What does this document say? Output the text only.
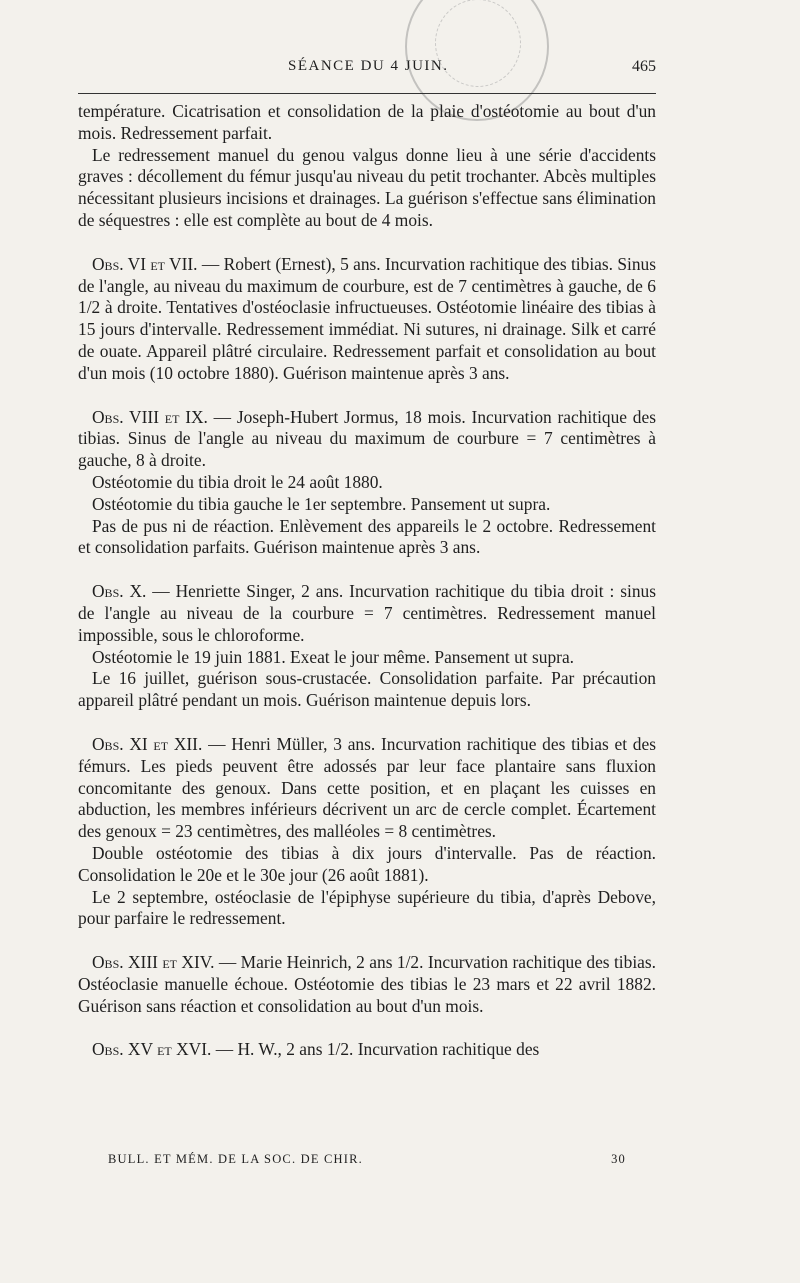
SÉANCE DU 4 JUIN.	465

température. Cicatrisation et consolidation de la plaie d'ostéotomie au bout d'un mois. Redressement parfait.

Le redressement manuel du genou valgus donne lieu à une série d'accidents graves : décollement du fémur jusqu'au niveau du petit trochanter. Abcès multiples nécessitant plusieurs incisions et drainages. La guérison s'effectue sans élimination de séquestres : elle est complète au bout de 4 mois.

Obs. VI et VII. — Robert (Ernest), 5 ans. Incurvation rachitique des tibias. Sinus de l'angle, au niveau du maximum de courbure, est de 7 centimètres à gauche, de 6 1/2 à droite. Tentatives d'ostéoclasie infructueuses. Ostéotomie linéaire des tibias à 15 jours d'intervalle. Redressement immédiat. Ni sutures, ni drainage. Silk et carré de ouate. Appareil plâtré circulaire. Redressement parfait et consolidation au bout d'un mois (10 octobre 1880). Guérison maintenue après 3 ans.

Obs. VIII et IX. — Joseph-Hubert Jormus, 18 mois. Incurvation rachitique des tibias. Sinus de l'angle au niveau du maximum de courbure = 7 centimètres à gauche, 8 à droite.

Ostéotomie du tibia droit le 24 août 1880.

Ostéotomie du tibia gauche le 1er septembre. Pansement ut supra.

Pas de pus ni de réaction. Enlèvement des appareils le 2 octobre. Redressement et consolidation parfaits. Guérison maintenue après 3 ans.

Obs. X. — Henriette Singer, 2 ans. Incurvation rachitique du tibia droit : sinus de l'angle au niveau de la courbure = 7 centimètres. Redressement manuel impossible, sous le chloroforme.

Ostéotomie le 19 juin 1881. Exeat le jour même. Pansement ut supra.

Le 16 juillet, guérison sous-crustacée. Consolidation parfaite. Par précaution appareil plâtré pendant un mois. Guérison maintenue depuis lors.

Obs. XI et XII. — Henri Müller, 3 ans. Incurvation rachitique des tibias et des fémurs. Les pieds peuvent être adossés par leur face plantaire sans fluxion concomitante des genoux. Dans cette position, et en plaçant les cuisses en abduction, les membres inférieurs décrivent un arc de cercle complet. Écartement des genoux = 23 centimètres, des malléoles = 8 centimètres.

Double ostéotomie des tibias à dix jours d'intervalle. Pas de réaction. Consolidation le 20e et le 30e jour (26 août 1881).

Le 2 septembre, ostéoclasie de l'épiphyse supérieure du tibia, d'après Debove, pour parfaire le redressement.

Obs. XIII et XIV. — Marie Heinrich, 2 ans 1/2. Incurvation rachitique des tibias. Ostéoclasie manuelle échoue. Ostéotomie des tibias le 23 mars et 22 avril 1882. Guérison sans réaction et consolidation au bout d'un mois.

Obs. XV et XVI. — H. W., 2 ans 1/2. Incurvation rachitique des

BULL. ET MÉM. DE LA SOC. DE CHIR.	30
